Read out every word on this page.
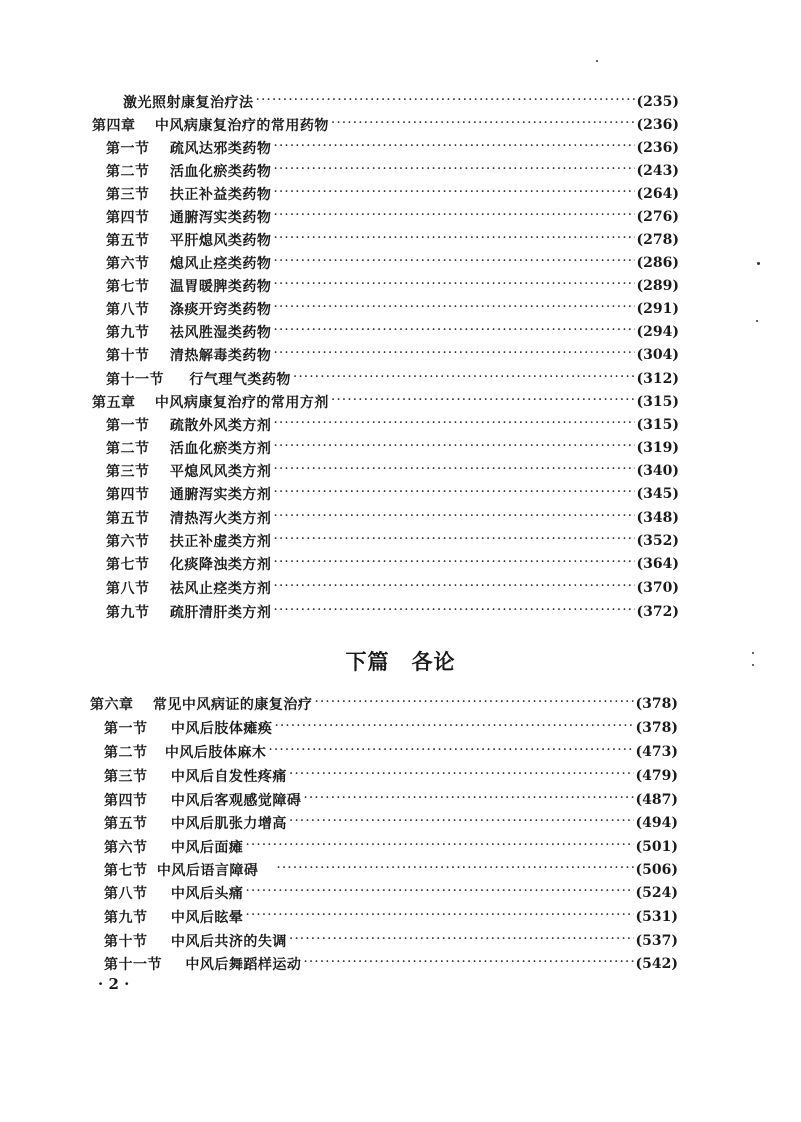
激光照射康复治疗法 ·····	(235)
第四章 中风病康复治疗的常用药物 ·····	(236)
第一节 疏风达邪类药物 ·····	(236)
第二节 活血化瘀类药物 ·····	(243)
第三节 扶正补益类药物 ·····	(264)
第四节 通腑泻实类药物 ·····	(276)
第五节 平肝熄风类药物 ·····	(278)
第六节 熄风止痉类药物 ·····	(286)
第七节 温胃暖脾类药物 ·····	(289)
第八节 涤痰开窍类药物 ·····	(291)
第九节 祛风胜湿类药物 ·····	(294)
第十节 清热解毒类药物 ·····	(304)
第十一节 行气理气类药物 ·····	(312)
第五章 中风病康复治疗的常用方剂 ·····	(315)
第一节 疏散外风类方剂 ·····	(315)
第二节 活血化瘀类方剂 ·····	(319)
第三节 平熄风风类方剂 ·····	(340)
第四节 通腑泻实类方剂 ·····	(345)
第五节 清热泻火类方剂 ·····	(348)
第六节 扶正补虚类方剂 ·····	(352)
第七节 化痰降浊类方剂 ·····	(364)
第八节 祛风止痉类方剂 ·····	(370)
第九节 疏肝清肝类方剂 ·····	(372)
下篇 各论
第六章 常见中风病证的康复治疗 ·····	(378)
第一节 中风后肢体瘫痪 ·····	(378)
第二节 中风后肢体麻木 ·····	(473)
第三节 中风后自发性疼痛 ·····	(479)
第四节 中风后客观感觉障碍 ·····	(487)
第五节 中风后肌张力增高 ·····	(494)
第六节 中风后面瘫 ·····	(501)
第七节 中风后语言障碍 ·····	(506)
第八节 中风后头痛 ·····	(524)
第九节 中风后眩晕 ·····	(531)
第十节 中风后共济的失调 ·····	(537)
第十一节 中风后舞蹈样运动 ·····	(542)
· 2 ·
